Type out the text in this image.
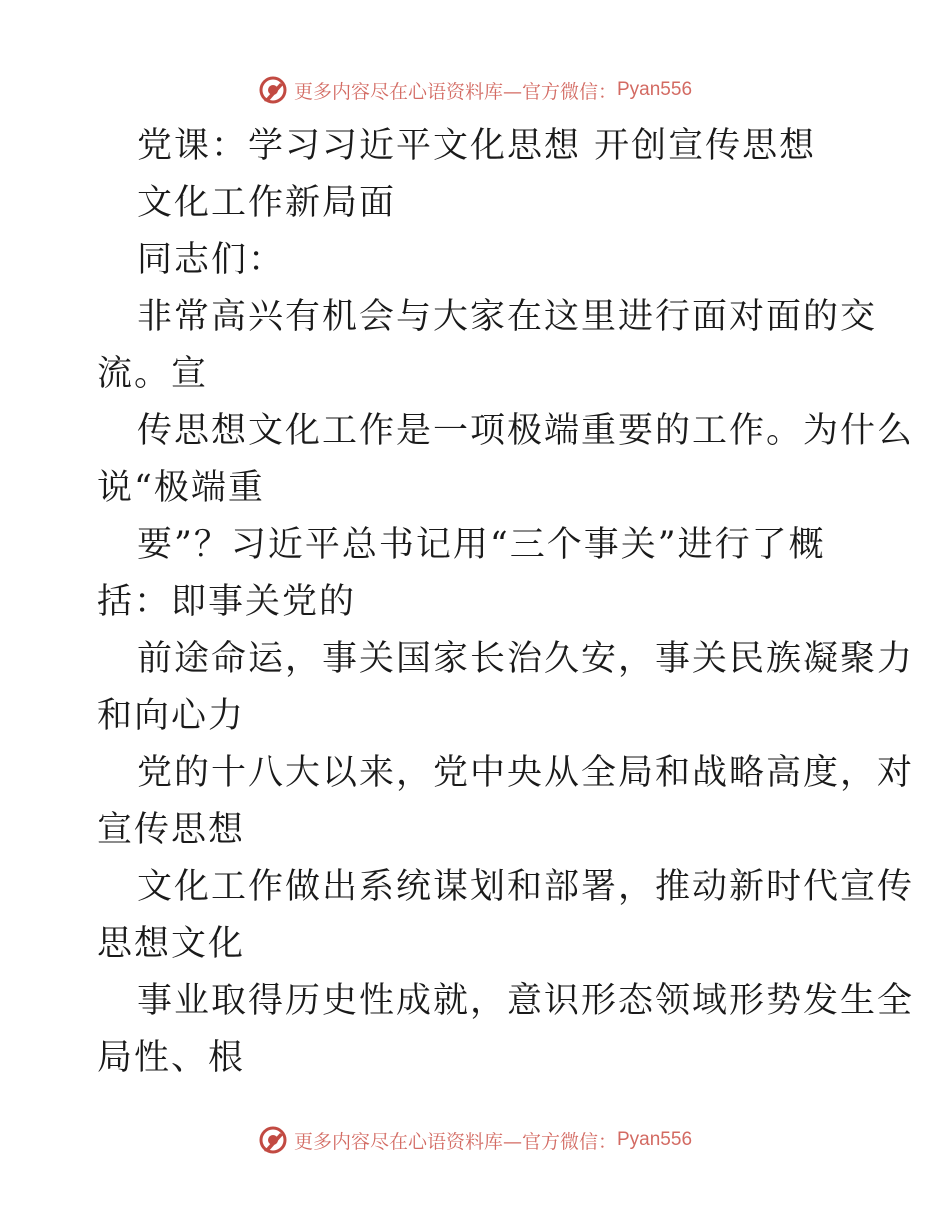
更多内容尽在心语资料库—官方微信： Pyan556
党课：学习习近平文化思想 开创宣传思想
文化工作新局面
同志们：
非常高兴有机会与大家在这里进行面对面的交
流。宣
传思想文化工作是一项极端重要的工作。为什么
说“极端重
要”？习近平总书记用“三个事关”进行了概
括：即事关党的
前途命运，事关国家长治久安，事关民族凝聚力
和向心力
党的十八大以来，党中央从全局和战略高度，对
宣传思想
文化工作做出系统谋划和部署，推动新时代宣传
思想文化
事业取得历史性成就，意识形态领域形势发生全
局性、根
更多内容尽在心语资料库—官方微信： Pyan556
